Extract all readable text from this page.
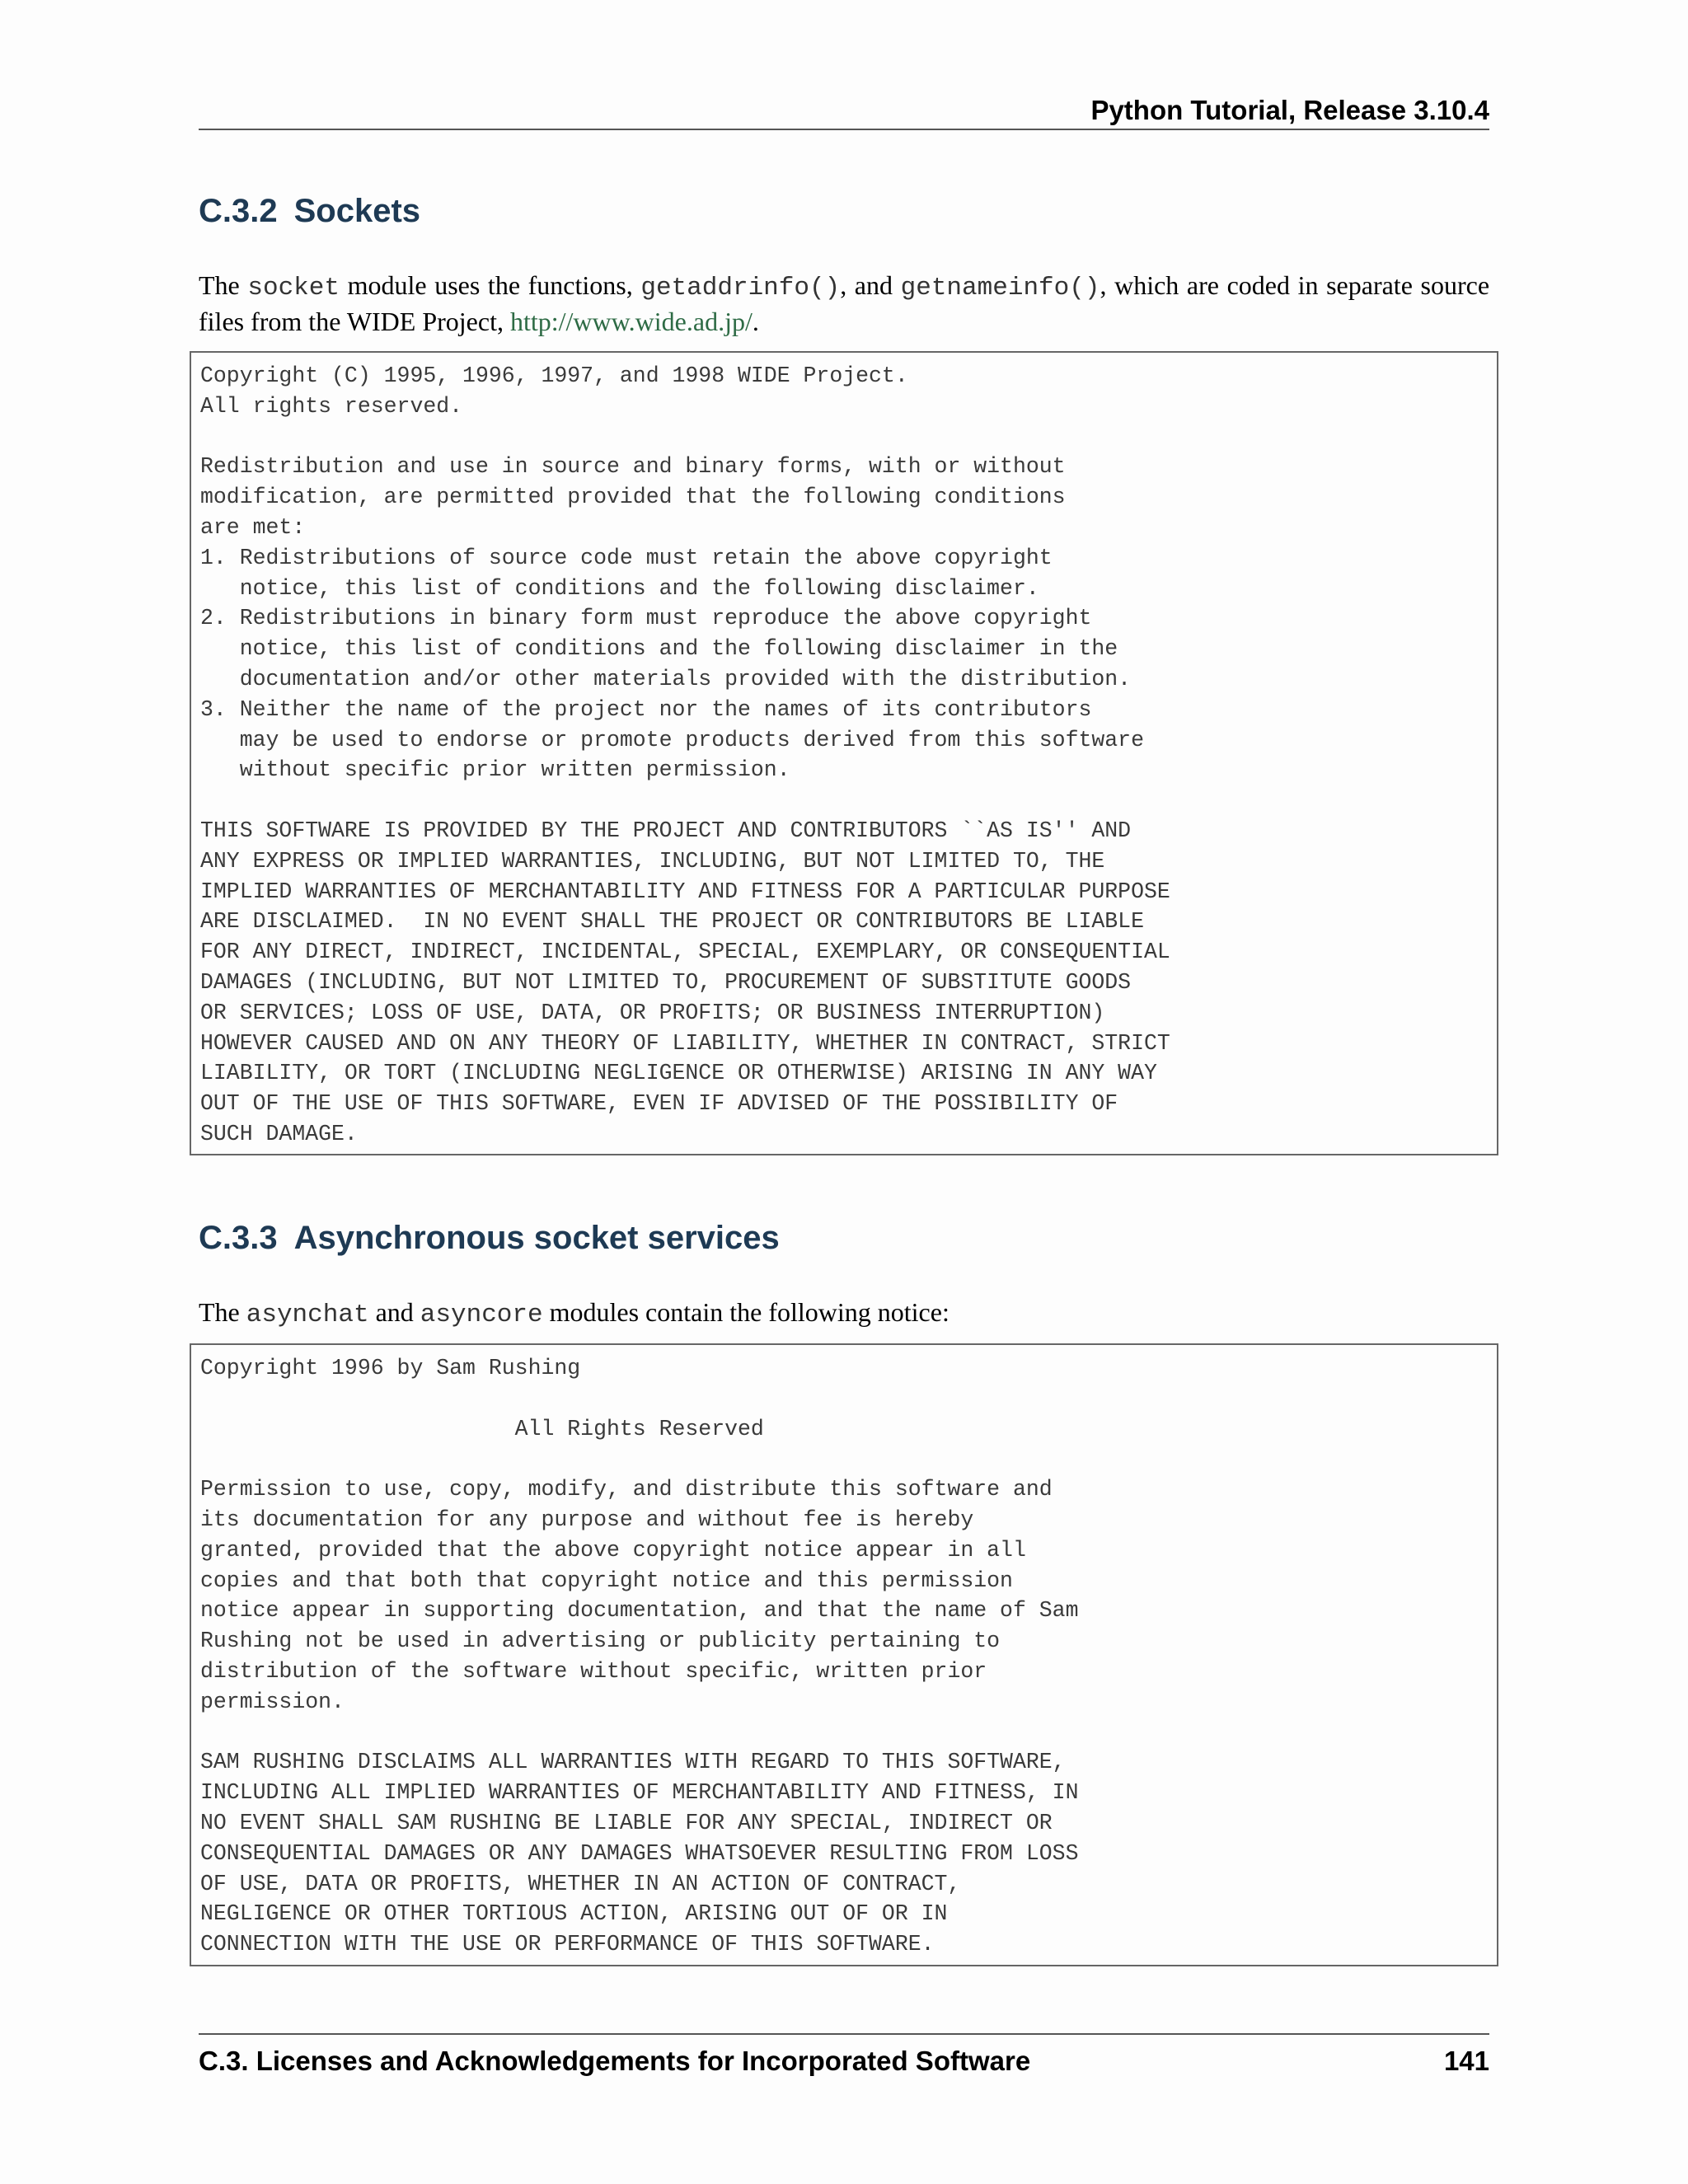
Python Tutorial, Release 3.10.4
C.3.2 Sockets

The socket module uses the functions, getaddrinfo(), and getnameinfo(), which are coded in separate source files from the WIDE Project, http://www.wide.ad.jp/.

Copyright (C) 1995, 1996, 1997, and 1998 WIDE Project.
All rights reserved.

Redistribution and use in source and binary forms, with or without
modification, are permitted provided that the following conditions
are met:
1. Redistributions of source code must retain the above copyright
notice, this list of conditions and the following disclaimer.
2. Redistributions in binary form must reproduce the above copyright
notice, this list of conditions and the following disclaimer in the
documentation and/or other materials provided with the distribution.
3. Neither the name of the project nor the names of its contributors
may be used to endorse or promote products derived from this software
without specific prior written permission.

THIS SOFTWARE IS PROVIDED BY THE PROJECT AND CONTRIBUTORS ``AS IS'' AND
ANY EXPRESS OR IMPLIED WARRANTIES, INCLUDING, BUT NOT LIMITED TO, THE
IMPLIED WARRANTIES OF MERCHANTABILITY AND FITNESS FOR A PARTICULAR PURPOSE
ARE DISCLAIMED.  IN NO EVENT SHALL THE PROJECT OR CONTRIBUTORS BE LIABLE
FOR ANY DIRECT, INDIRECT, INCIDENTAL, SPECIAL, EXEMPLARY, OR CONSEQUENTIAL
DAMAGES (INCLUDING, BUT NOT LIMITED TO, PROCUREMENT OF SUBSTITUTE GOODS
OR SERVICES; LOSS OF USE, DATA, OR PROFITS; OR BUSINESS INTERRUPTION)
HOWEVER CAUSED AND ON ANY THEORY OF LIABILITY, WHETHER IN CONTRACT, STRICT
LIABILITY, OR TORT (INCLUDING NEGLIGENCE OR OTHERWISE) ARISING IN ANY WAY
OUT OF THE USE OF THIS SOFTWARE, EVEN IF ADVISED OF THE POSSIBILITY OF
SUCH DAMAGE.
C.3.3 Asynchronous socket services

The asynchat and asyncore modules contain the following notice:

Copyright 1996 by Sam Rushing

All Rights Reserved

Permission to use, copy, modify, and distribute this software and
its documentation for any purpose and without fee is hereby
granted, provided that the above copyright notice appear in all
copies and that both that copyright notice and this permission
notice appear in supporting documentation, and that the name of Sam
Rushing not be used in advertising or publicity pertaining to
distribution of the software without specific, written prior
permission.

SAM RUSHING DISCLAIMS ALL WARRANTIES WITH REGARD TO THIS SOFTWARE,
INCLUDING ALL IMPLIED WARRANTIES OF MERCHANTABILITY AND FITNESS, IN
NO EVENT SHALL SAM RUSHING BE LIABLE FOR ANY SPECIAL, INDIRECT OR
CONSEQUENTIAL DAMAGES OR ANY DAMAGES WHATSOEVER RESULTING FROM LOSS
OF USE, DATA OR PROFITS, WHETHER IN AN ACTION OF CONTRACT,
NEGLIGENCE OR OTHER TORTIOUS ACTION, ARISING OUT OF OR IN
CONNECTION WITH THE USE OR PERFORMANCE OF THIS SOFTWARE.
C.3. Licenses and Acknowledgements for Incorporated Software	141
